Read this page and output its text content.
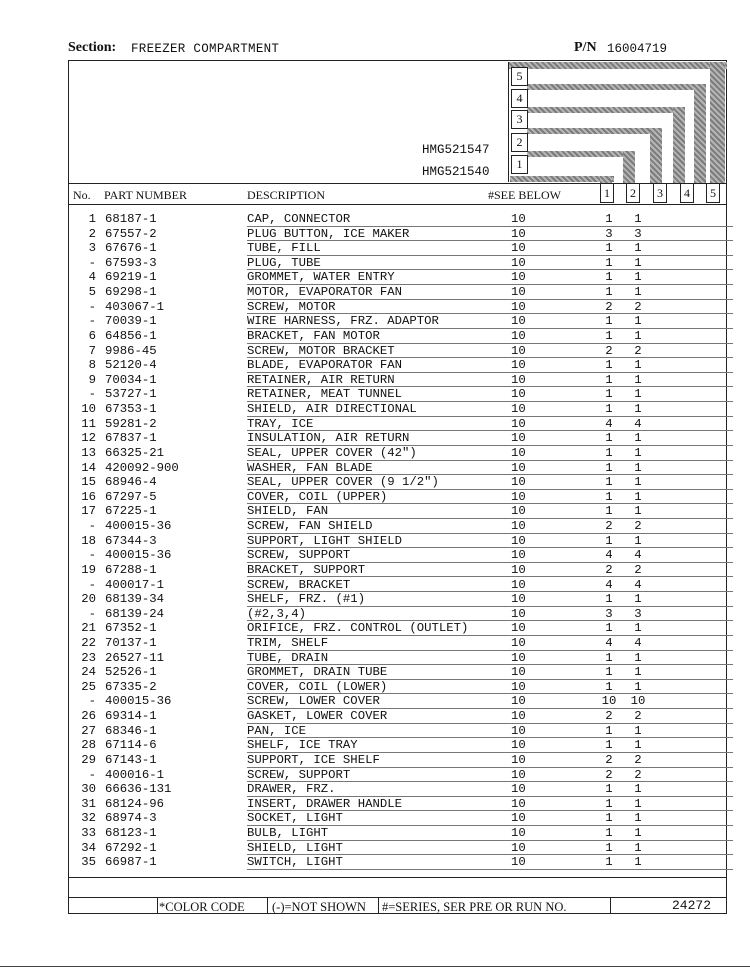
Section: FREEZER COMPARTMENT	P/N 16004719
HMG521547
HMG521540
5
4
3
2
1
No. PART NUMBER	DESCRIPTION	#SEE BELOW	1	2	3	4	5
1 68187-1	CAP, CONNECTOR	10	1	1
2 67557-2	PLUG BUTTON, ICE MAKER	10	3	3
3 67676-1	TUBE, FILL	10	1	1
- 67593-3	PLUG, TUBE	10	1	1
4 69219-1	GROMMET, WATER ENTRY	10	1	1
5 69298-1	MOTOR, EVAPORATOR FAN	10	1	1
- 403067-1	SCREW, MOTOR	10	2	2
- 70039-1	WIRE HARNESS, FRZ. ADAPTOR	10	1	1
6 64856-1	BRACKET, FAN MOTOR	10	1	1
7 9986-45	SCREW, MOTOR BRACKET	10	2	2
8 52120-4	BLADE, EVAPORATOR FAN	10	1	1
9 70034-1	RETAINER, AIR RETURN	10	1	1
- 53727-1	RETAINER, MEAT TUNNEL	10	1	1
10 67353-1	SHIELD, AIR DIRECTIONAL	10	1	1
11 59281-2	TRAY, ICE	10	4	4
12 67837-1	INSULATION, AIR RETURN	10	1	1
13 66325-21	SEAL, UPPER COVER (42")	10	1	1
14 420092-900	WASHER, FAN BLADE	10	1	1
15 68946-4	SEAL, UPPER COVER (9 1/2")	10	1	1
16 67297-5	COVER, COIL (UPPER)	10	1	1
17 67225-1	SHIELD, FAN	10	1	1
- 400015-36	SCREW, FAN SHIELD	10	2	2
18 67344-3	SUPPORT, LIGHT SHIELD	10	1	1
- 400015-36	SCREW, SUPPORT	10	4	4
19 67288-1	BRACKET, SUPPORT	10	2	2
- 400017-1	SCREW, BRACKET	10	4	4
20 68139-34	SHELF, FRZ. (#1)	10	1	1
- 68139-24	(#2,3,4)	10	3	3
21 67352-1	ORIFICE, FRZ. CONTROL (OUTLET)	10	1	1
22 70137-1	TRIM, SHELF	10	4	4
23 26527-11	TUBE, DRAIN	10	1	1
24 52526-1	GROMMET, DRAIN TUBE	10	1	1
25 67335-2	COVER, COIL (LOWER)	10	1	1
- 400015-36	SCREW, LOWER COVER	10	10 10
26 69314-1	GASKET, LOWER COVER	10	2	2
27 68346-1	PAN, ICE	10	1	1
28 67114-6	SHELF, ICE TRAY	10	1	1
29 67143-1	SUPPORT, ICE SHELF	10	2	2
- 400016-1	SCREW, SUPPORT	10	2	2
30 66636-131	DRAWER, FRZ.	10	1	1
31 68124-96	INSERT, DRAWER HANDLE	10	1	1
32 68974-3	SOCKET, LIGHT	10	1	1
33 68123-1	BULB, LIGHT	10	1	1
34 67292-1	SHIELD, LIGHT	10	1	1
35 66987-1	SWITCH, LIGHT	10	1	1
*COLOR CODE (-)=NOT SHOWN #=SERIES, SER PRE OR RUN NO.	24272
